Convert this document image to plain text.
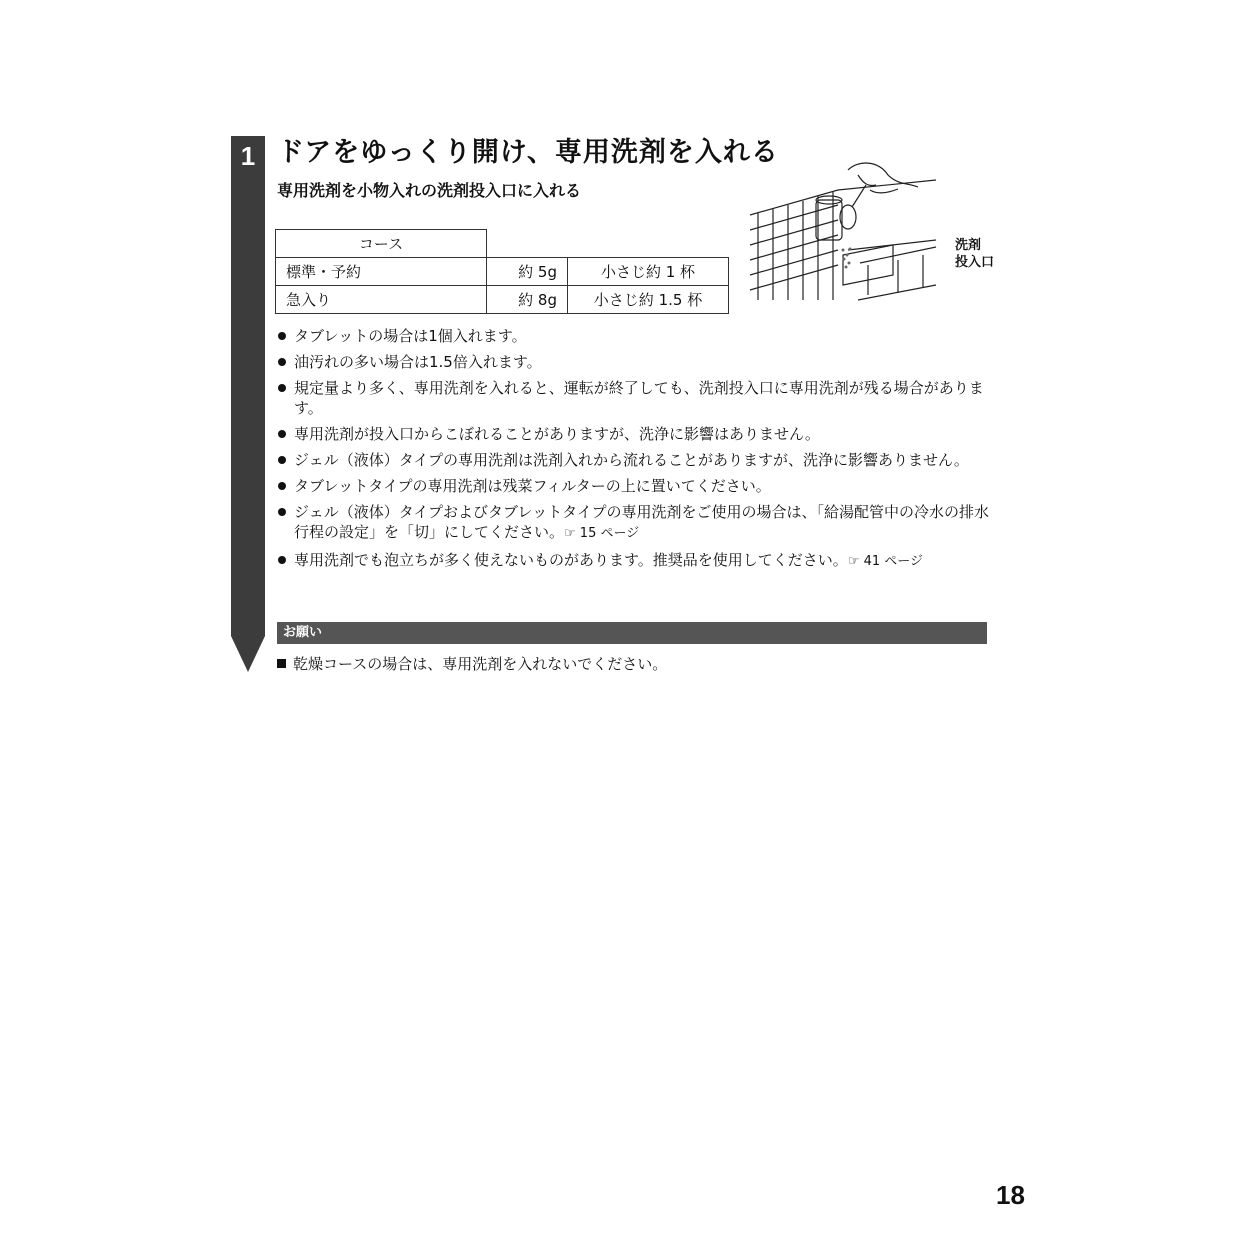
1 ドアをゆっくり開け、専用洗剤を入れる
専用洗剤を小物入れの洗剤投入口に入れる
コース		
標準・予約	約 5g	小さじ約 1 杯
急入り	約 8g	小さじ約 1.5 杯
洗剤
投入口
タブレットの場合は1個入れます。
油汚れの多い場合は1.5倍入れます。
規定量より多く、専用洗剤を入れると、運転が終了しても、洗剤投入口に専用洗剤が残る場合があります。
専用洗剤が投入口からこぼれることがありますが、洗浄に影響はありません。
ジェル（液体）タイプの専用洗剤は洗剤入れから流れることがありますが、洗浄に影響ありません。
タブレットタイプの専用洗剤は残菜フィルターの上に置いてください。
ジェル（液体）タイプおよびタブレットタイプの専用洗剤をご使用の場合は、「給湯配管中の冷水の排水行程の設定」を「切」にしてください。☞ 15 ページ
専用洗剤でも泡立ちが多く使えないものがあります。推奨品を使用してください。☞ 41 ページ
お願い
乾燥コースの場合は、専用洗剤を入れないでください。
18
